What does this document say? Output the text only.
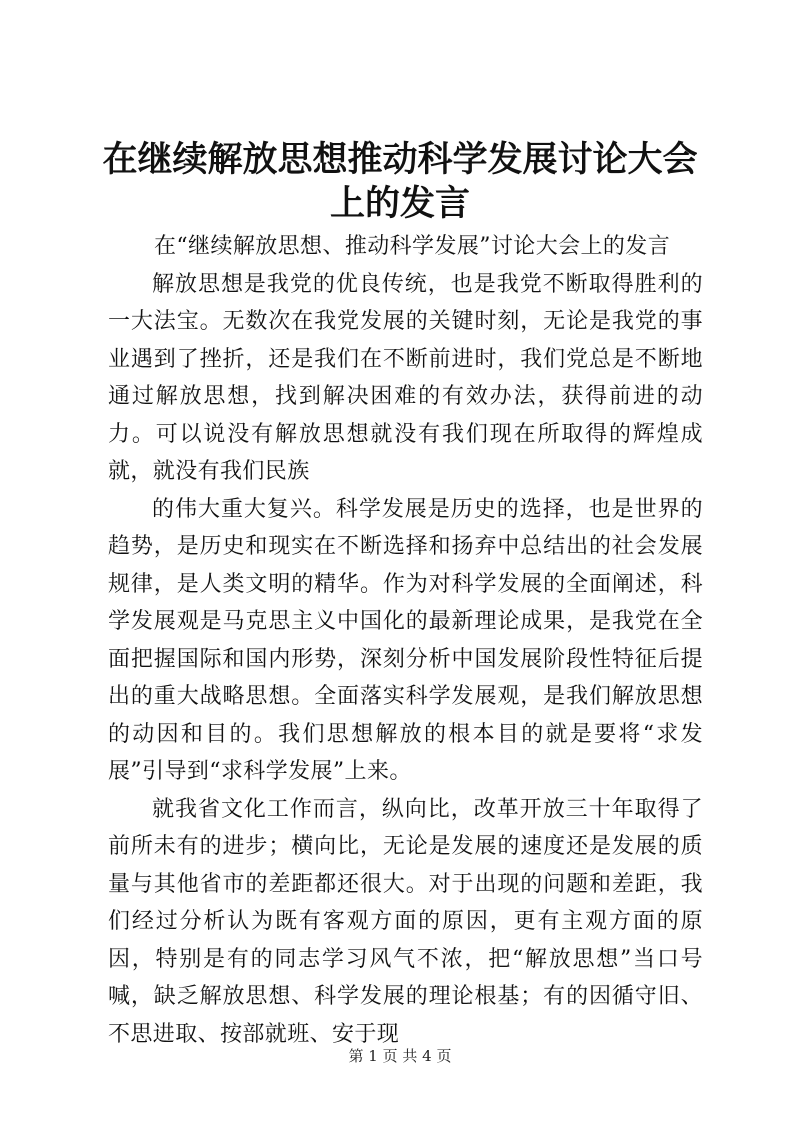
在继续解放思想推动科学发展讨论大会上的发言

在“继续解放思想、推动科学发展”讨论大会上的发言

解放思想是我党的优良传统，也是我党不断取得胜利的一大法宝。无数次在我党发展的关键时刻，无论是我党的事业遇到了挫折，还是我们在不断前进时，我们党总是不断地通过解放思想，找到解决困难的有效办法，获得前进的动力。可以说没有解放思想就没有我们现在所取得的辉煌成就，就没有我们民族

的伟大重大复兴。科学发展是历史的选择，也是世界的趋势，是历史和现实在不断选择和扬弃中总结出的社会发展规律，是人类文明的精华。作为对科学发展的全面阐述，科学发展观是马克思主义中国化的最新理论成果，是我党在全面把握国际和国内形势，深刻分析中国发展阶段性特征后提出的重大战略思想。全面落实科学发展观，是我们解放思想的动因和目的。我们思想解放的根本目的就是要将“求发展”引导到“求科学发展”上来。

就我省文化工作而言，纵向比，改革开放三十年取得了前所未有的进步；横向比，无论是发展的速度还是发展的质量与其他省市的差距都还很大。对于出现的问题和差距，我们经过分析认为既有客观方面的原因，更有主观方面的原因，特别是有的同志学习风气不浓，把“解放思想”当口号喊，缺乏解放思想、科学发展的理论根基；有的因循守旧、不思进取、按部就班、安于现

第 1 页 共 4 页
